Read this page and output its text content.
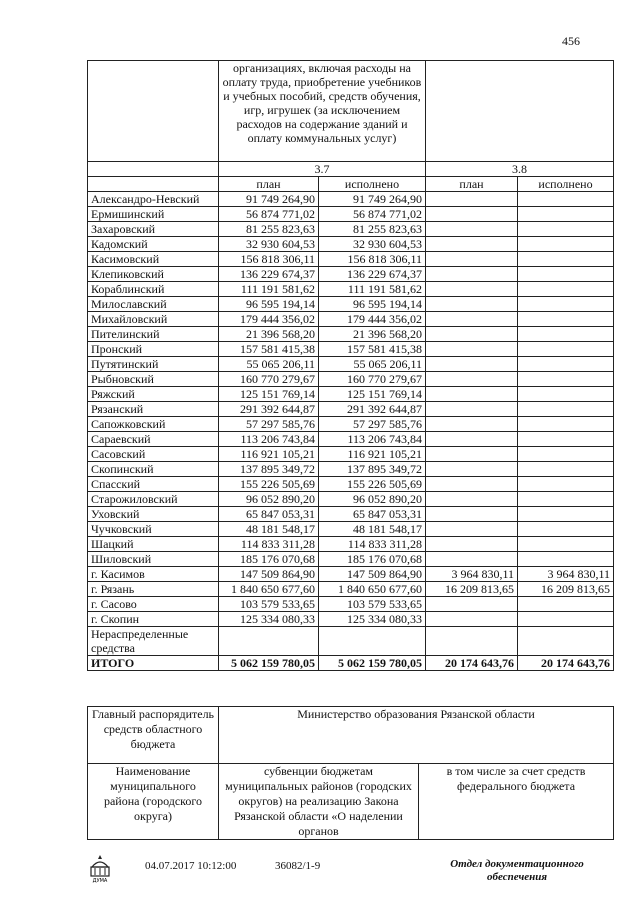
456
	организациях, включая расходы на оплату труда, приобретение учебников и учебных пособий, средств обучения, игр, игрушек (за исключением расходов на содержание зданий и оплату коммунальных услуг)			
	3.7		3.8	
	план	исполнено	план	исполнено
Александро-Невский	91 749 264,90	91 749 264,90		
Ермишинский	56 874 771,02	56 874 771,02		
Захаровский	81 255 823,63	81 255 823,63		
Кадомский	32 930 604,53	32 930 604,53		
Касимовский	156 818 306,11	156 818 306,11		
Клепиковский	136 229 674,37	136 229 674,37		
Кораблинский	111 191 581,62	111 191 581,62		
Милославский	96 595 194,14	96 595 194,14		
Михайловский	179 444 356,02	179 444 356,02		
Пителинский	21 396 568,20	21 396 568,20		
Пронский	157 581 415,38	157 581 415,38		
Путятинский	55 065 206,11	55 065 206,11		
Рыбновский	160 770 279,67	160 770 279,67		
Ряжский	125 151 769,14	125 151 769,14		
Рязанский	291 392 644,87	291 392 644,87		
Сапожковский	57 297 585,76	57 297 585,76		
Сараевский	113 206 743,84	113 206 743,84		
Сасовский	116 921 105,21	116 921 105,21		
Скопинский	137 895 349,72	137 895 349,72		
Спасский	155 226 505,69	155 226 505,69		
Старожиловский	96 052 890,20	96 052 890,20		
Уховский	65 847 053,31	65 847 053,31		
Чучковский	48 181 548,17	48 181 548,17		
Шацкий	114 833 311,28	114 833 311,28		
Шиловский	185 176 070,68	185 176 070,68		
г. Касимов	147 509 864,90	147 509 864,90	3 964 830,11	3 964 830,11
г. Рязань	1 840 650 677,60	1 840 650 677,60	16 209 813,65	16 209 813,65
г. Сасово	103 579 533,65	103 579 533,65		
г. Скопин	125 334 080,33	125 334 080,33		
Нераспределенные средства				
ИТОГО	5 062 159 780,05	5 062 159 780,05	20 174 643,76	20 174 643,76
Главный распорядитель средств областного бюджета	Министерство образования Рязанской области	
Наименование муниципального района (городского округа)	субвенции бюджетам муниципальных районов (городских округов) на реализацию Закона Рязанской области «О наделении органов	в том числе за счет средств федерального бюджета
ДУМА
04.07.2017 10:12:00	36082/1-9	Отдел документационного обеспечения
